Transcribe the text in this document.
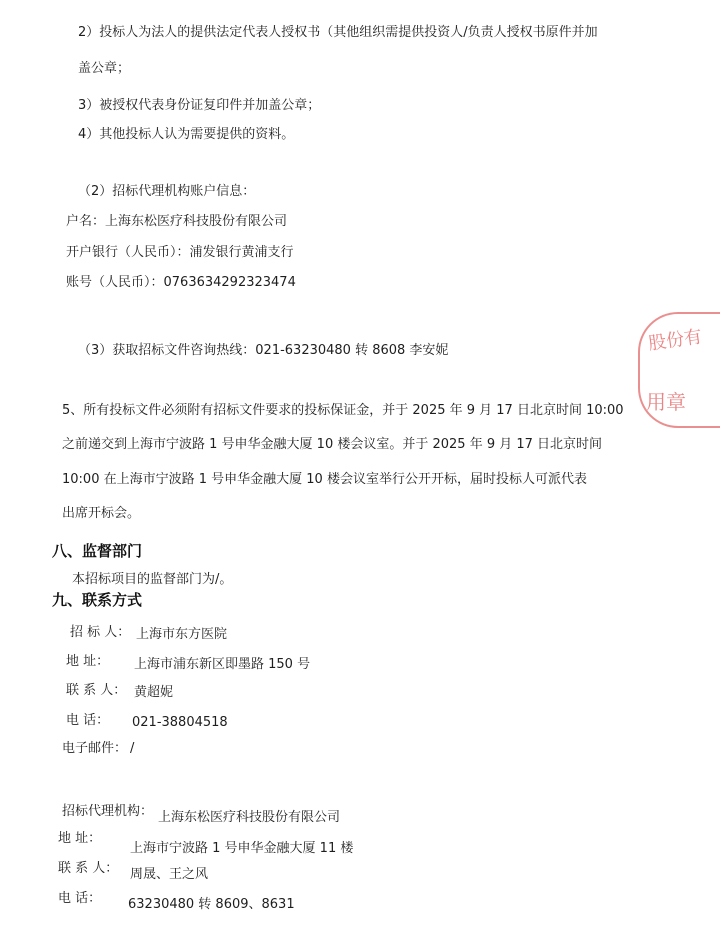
2）投标人为法人的提供法定代表人授权书（其他组织需提供投资人/负责人授权书原件并加
盖公章；
3）被授权代表身份证复印件并加盖公章；
4）其他投标人认为需要提供的资料。
（2）招标代理机构账户信息：
户名：上海东松医疗科技股份有限公司
开户银行（人民币）：浦发银行黄浦支行
账号（人民币）：076363429​2323474
（3）获取招标文件咨询热线：021-63230480 转 8608 李安妮
5、所有投标文件必须附有招标文件要求的投标保证金，并于 2025 年 9 月 17 日北京时间 10:00
之前递交到上海市宁波路 1 号申华金融大厦 10 楼会议室。并于 2025 年 9 月 17 日北京时间
10:00 在上海市宁波路 1 号申华金融大厦 10 楼会议室举行公开开标，届时投标人可派代表
出席开标会。
八、监督部门
本招标项目的监督部门为/。
九、联系方式
招 标 人： 上海市东方医院
地 址： 上海市浦东新区即墨路 150 号
联 系 人： 黄超妮
电 话： 021-38804518
电子邮件： /
招标代理机构： 上海东松医疗科技股份有限公司
地 址：
上海市宁波路 1 号申华金融大厦 11 楼
联 系 人： 周晟、王之风
电 话： 63230480 转 8609、8631
股份有
用章
